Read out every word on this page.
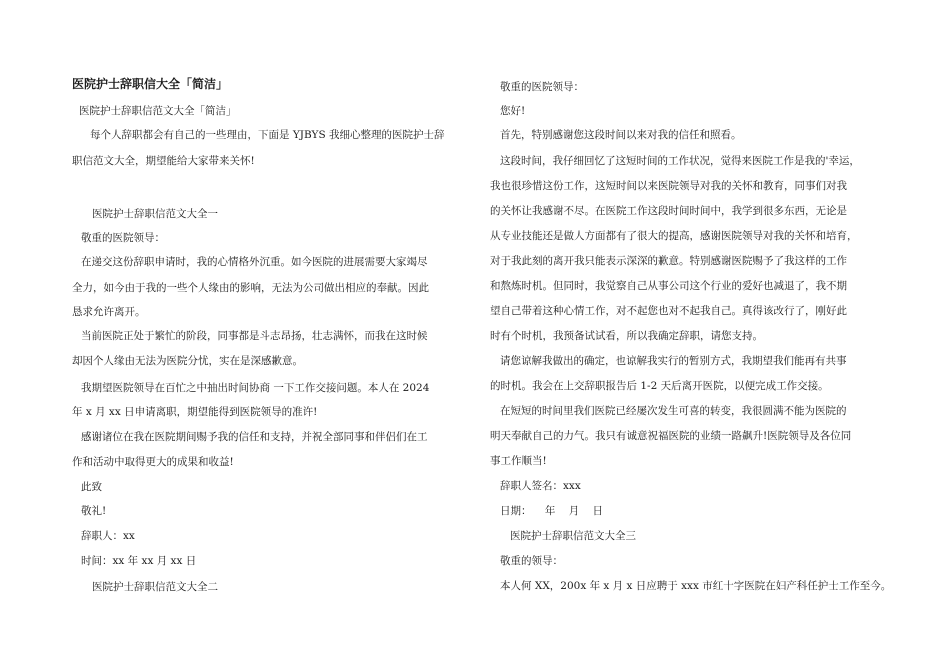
医院护士辞职信大全「简洁」
医院护士辞职信范文大全「简洁」
每个人辞职都会有自己的一些理由，下面是 YJBYS 我细心整理的医院护士辞
职信范文大全，期望能给大家带来关怀!
医院护士辞职信范文大全一
敬重的医院领导：
在递交这份辞职申请时，我的心情格外沉重。如今医院的进展需要大家竭尽
全力，如今由于我的一些个人缘由的影响，无法为公司做出相应的奉献。因此
恳求允许离开。
当前医院正处于繁忙的阶段，同事都是斗志昂扬，壮志满怀，而我在这时候
却因个人缘由无法为医院分忧，实在是深感歉意。
我期望医院领导在百忙之中抽出时间协商 一下工作交接问题。本人在 2024
年 x 月 xx 日申请离职，期望能得到医院领导的准许!
感谢诸位在我在医院期间赐予我的信任和支持，并祝全部同事和伴侣们在工
作和活动中取得更大的成果和收益!
此致
敬礼!
辞职人：xx
时间：xx 年 xx 月 xx 日
医院护士辞职信范文大全二
敬重的医院领导：
您好!
首先，特别感谢您这段时间以来对我的信任和照看。
这段时间，我仔细回忆了这短时间的工作状况，觉得来医院工作是我的'幸运，
我也很珍惜这份工作，这短时间以来医院领导对我的关怀和教育，同事们对我
的关怀让我感谢不尽。在医院工作这段时间时间中，我学到很多东西，无论是
从专业技能还是做人方面都有了很大的提高，感谢医院领导对我的关怀和培育，
对于我此刻的离开我只能表示深深的歉意。特别感谢医院赐予了我这样的工作
和熬炼时机。但同时，我觉察自己从事公司这个行业的爱好也减退了，我不期
望自己带着这种心情工作，对不起您也对不起我自己。真得该改行了，刚好此
时有个时机，我预备试试看，所以我确定辞职，请您支持。
请您谅解我做出的确定，也谅解我实行的暂别方式，我期望我们能再有共事
的时机。我会在上交辞职报告后 1-2 天后离开医院，以便完成工作交接。
在短短的时间里我们医院已经屡次发生可喜的转变，我很圆满不能为医院的
明天奉献自己的力气。我只有诚意祝福医院的业绩一路飙升!医院领导及各位同
事工作顺当!
辞职人签名：xxx
日期：    年    月    日
医院护士辞职信范文大全三
敬重的领导：
本人何 XX，200x 年 x 月 x 日应聘于 xxx 市红十字医院在妇产科任护士工作至今。
